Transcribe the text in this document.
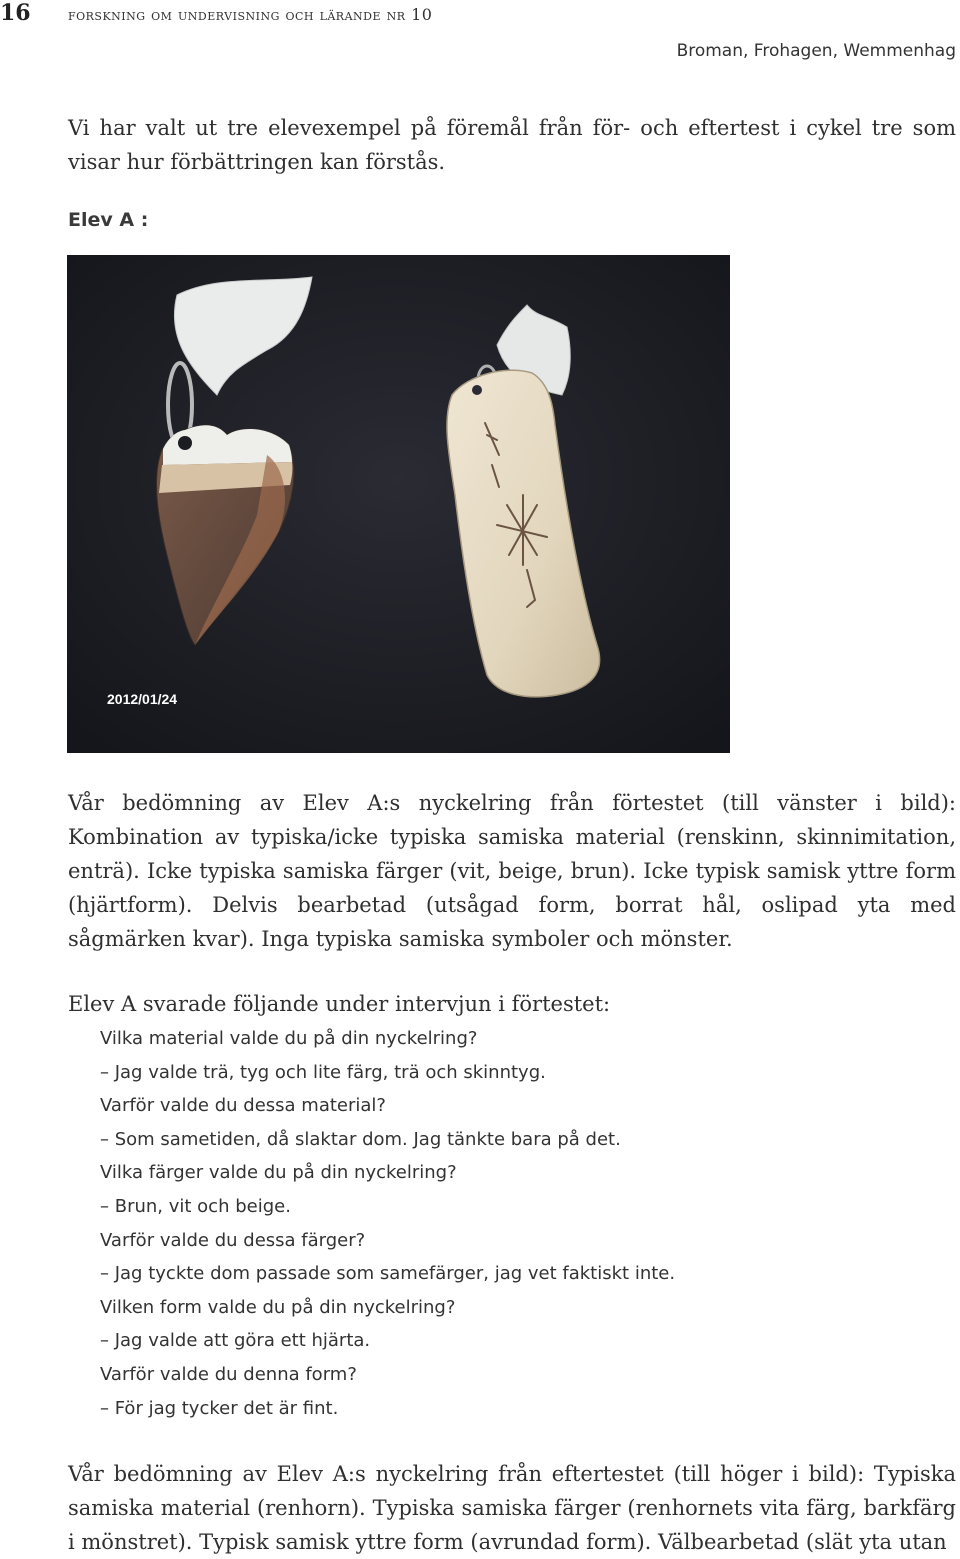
16 forskning om undervisning och lärande nr 10
Broman, Frohagen, Wemmenhag

Vi har valt ut tre elevexempel på föremål från för- och eftertest i cykel tre som visar hur förbättringen kan förstås.

Elev A :
2012/01/24

Vår bedömning av Elev A:s nyckelring från förtestet (till vänster i bild): Kombination av typiska/icke typiska samiska material (renskinn, skinnimitation, enträ). Icke typiska samiska färger (vit, beige, brun). Icke typisk samisk yttre form (hjärtform). Delvis bearbetad (utsågad form, borrat hål, oslipad yta med sågmärken kvar). Inga typiska samiska symboler och mönster.

Elev A svarade följande under intervjun i förtestet:

Vilka material valde du på din nyckelring?
– Jag valde trä, tyg och lite färg, trä och skinntyg.
Varför valde du dessa material?
– Som sametiden, då slaktar dom. Jag tänkte bara på det.
Vilka färger valde du på din nyckelring?
– Brun, vit och beige.
Varför valde du dessa färger?
– Jag tyckte dom passade som samefärger, jag vet faktiskt inte.
Vilken form valde du på din nyckelring?
– Jag valde att göra ett hjärta.
Varför valde du denna form?
– För jag tycker det är fint.

Vår bedömning av Elev A:s nyckelring från eftertestet (till höger i bild): Typiska samiska material (renhorn). Typiska samiska färger (renhornets vita färg, barkfärg i mönstret). Typisk samisk yttre form (avrundad form). Välbearbetad (slät yta utan
